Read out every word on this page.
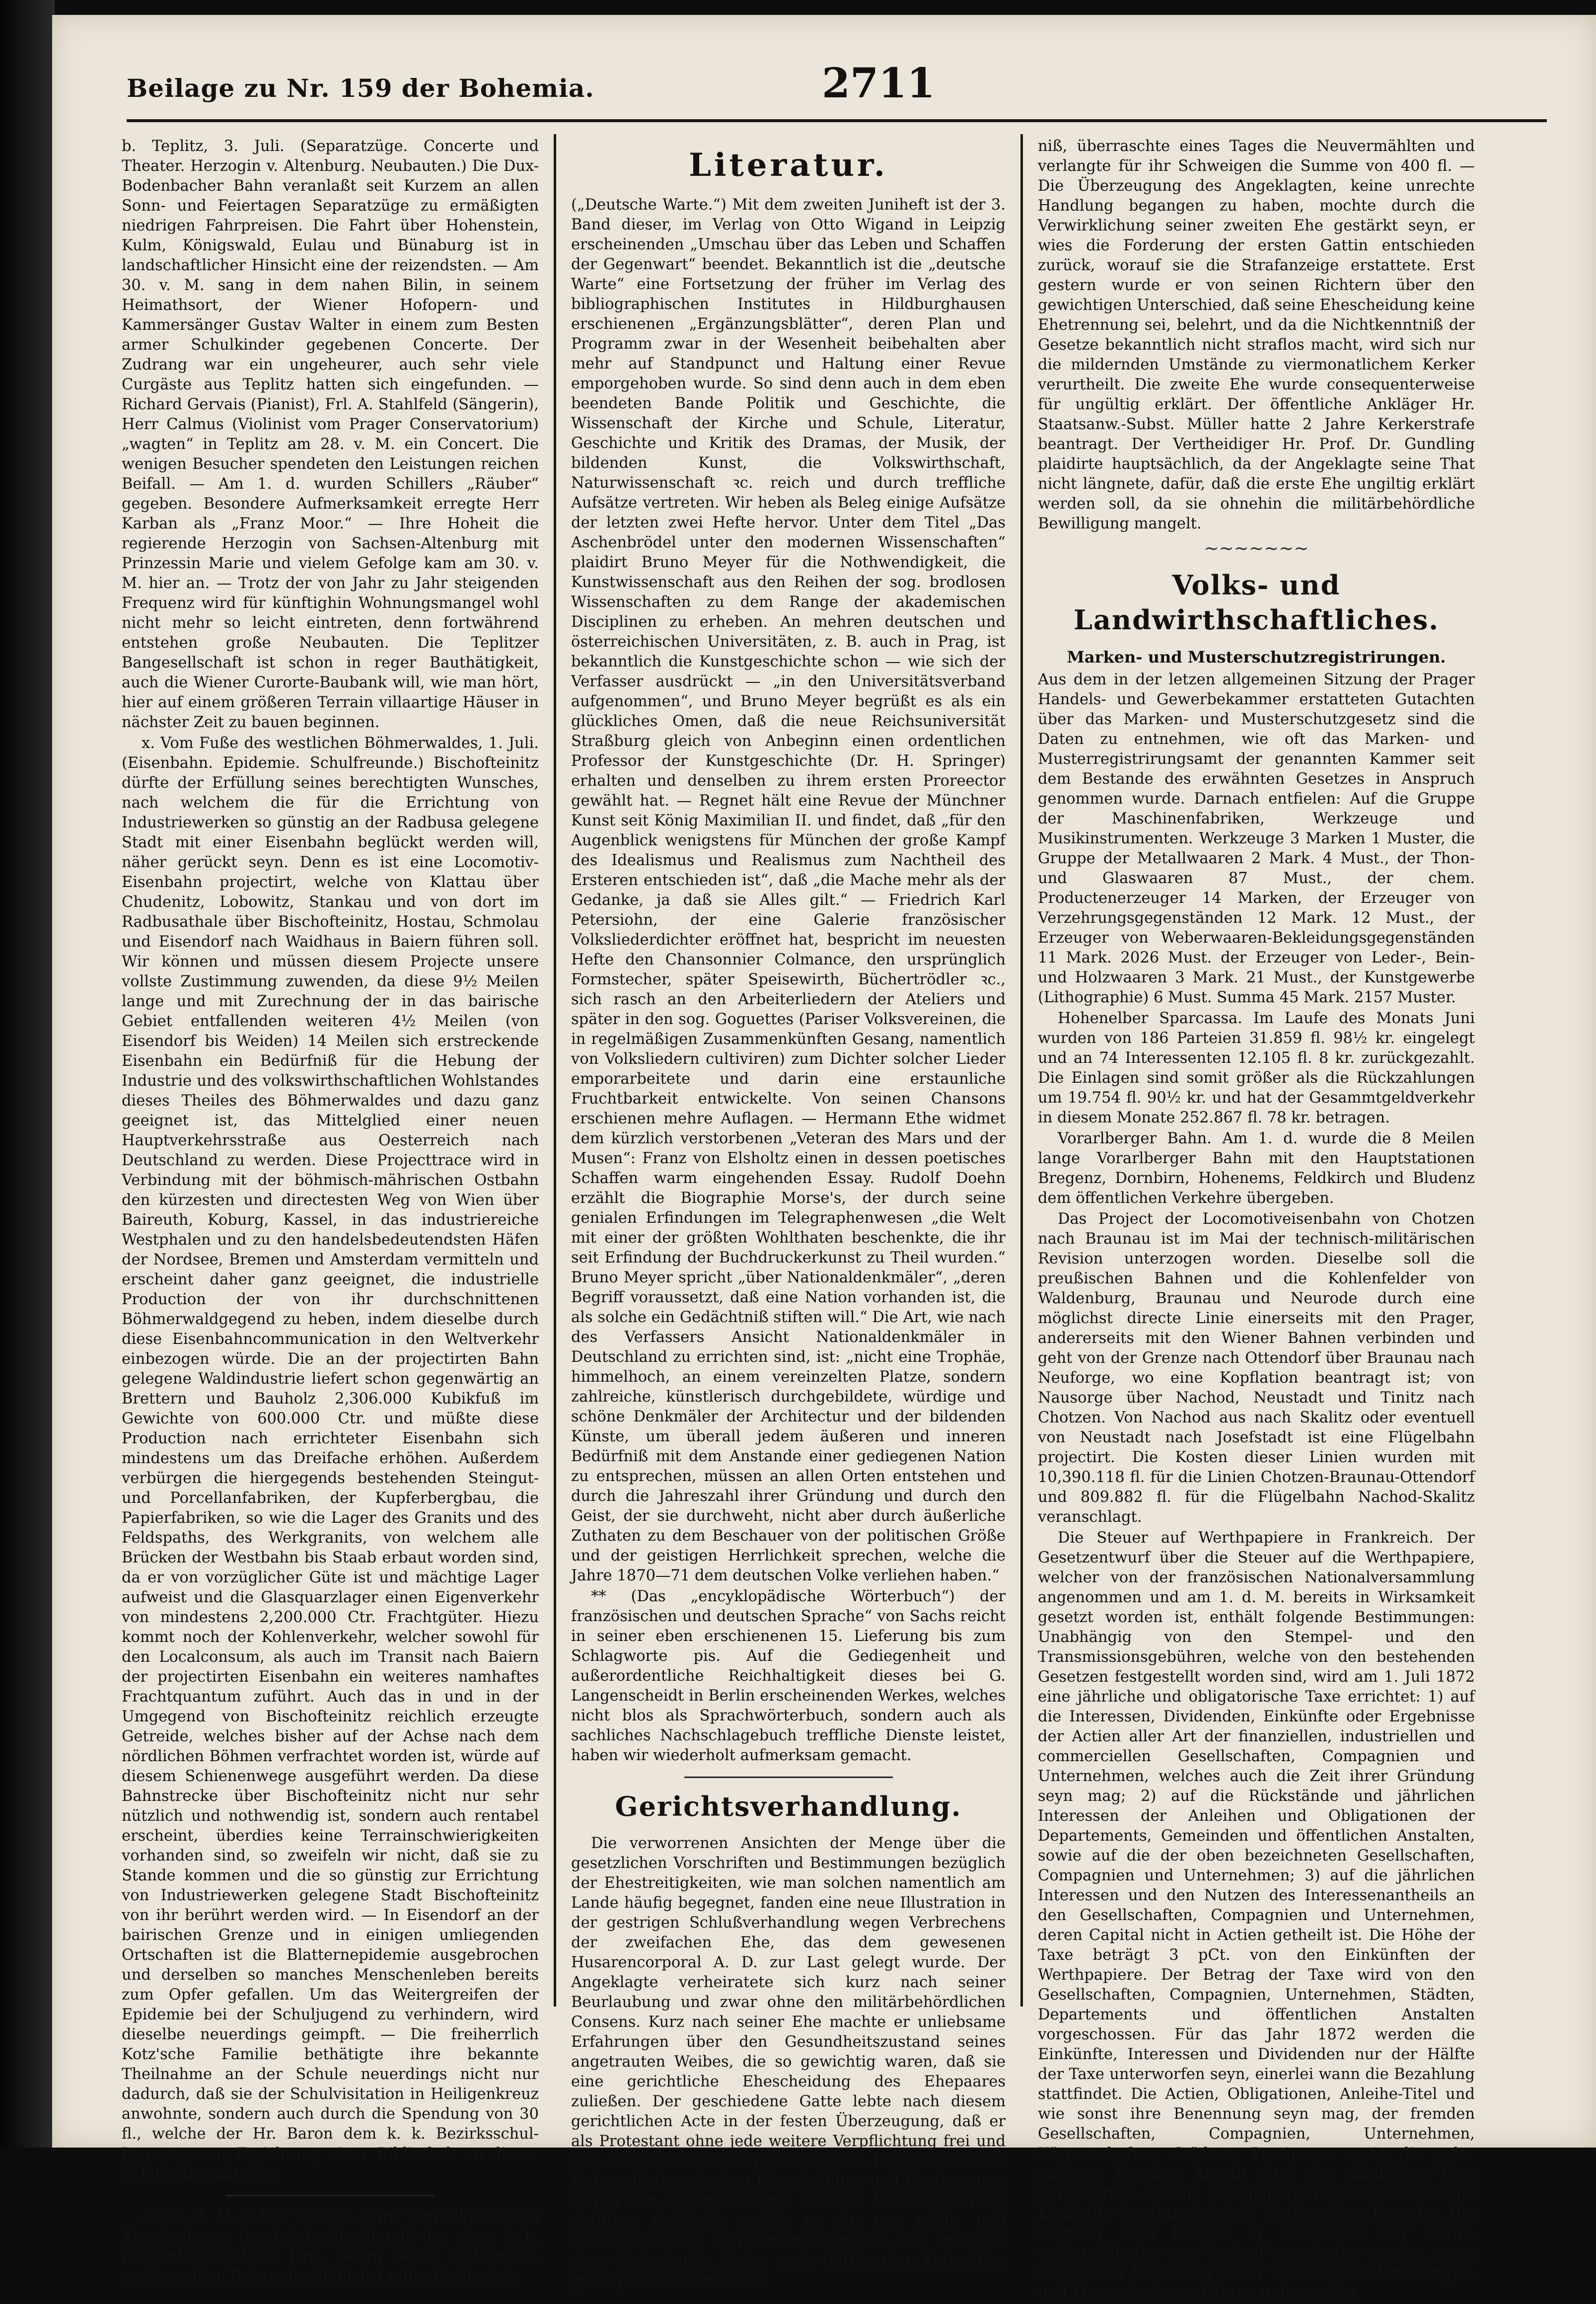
Beilage zu Nr. 159 der Bohemia.	2711

b. Teplitz, 3. Juli. (Separatzüge. Concerte und Theater. Herzogin v. Altenburg. Neubauten.) Die Dux-Bodenbacher Bahn veranlaßt seit Kurzem an allen Sonn- und Feiertagen Separatzüge zu ermäßigten niedrigen Fahrpreisen. Die Fahrt über Hohenstein, Kulm, Königswald, Eulau und Bünaburg ist in landschaftlicher Hinsicht eine der reizendsten. — Am 30. v. M. sang in dem nahen Bilin, in seinem Heimathsort, der Wiener Hofopern- und Kammersänger Gustav Walter in einem zum Besten armer Schulkinder gegebenen Concerte. Der Zudrang war ein ungeheurer, auch sehr viele Curgäste aus Teplitz hatten sich eingefunden. — Richard Gervais (Pianist), Frl. A. Stahlfeld (Sängerin), Herr Calmus (Violinist vom Prager Conservatorium) „wagten“ in Teplitz am 28. v. M. ein Concert. Die wenigen Besucher spendeten den Leistungen reichen Beifall. — Am 1. d. wurden Schillers „Räuber“ gegeben. Besondere Aufmerksamkeit erregte Herr Karban als „Franz Moor.“ — Ihre Hoheit die regierende Herzogin von Sachsen-Altenburg mit Prinzessin Marie und vielem Gefolge kam am 30. v. M. hier an. — Trotz der von Jahr zu Jahr steigenden Frequenz wird für künftighin Wohnungsmangel wohl nicht mehr so leicht eintreten, denn fortwährend entstehen große Neubauten. Die Teplitzer Bangesellschaft ist schon in reger Bauthätigkeit, auch die Wiener Curorte-Baubank will, wie man hört, hier auf einem größeren Terrain villaartige Häuser in nächster Zeit zu bauen beginnen.

x. Vom Fuße des westlichen Böhmerwaldes, 1. Juli. (Eisenbahn. Epidemie. Schulfreunde.) Bischofteinitz dürfte der Erfüllung seines berechtigten Wunsches, nach welchem die für die Errichtung von Industriewerken so günstig an der Radbusa gelegene Stadt mit einer Eisenbahn beglückt werden will, näher gerückt seyn. Denn es ist eine Locomotiv-Eisenbahn projectirt, welche von Klattau über Chudenitz, Lobowitz, Stankau und von dort im Radbusathale über Bischofteinitz, Hostau, Schmolau und Eisendorf nach Waidhaus in Baiern führen soll. Wir können und müssen diesem Projecte unsere vollste Zustimmung zuwenden, da diese 9½ Meilen lange und mit Zurechnung der in das bairische Gebiet entfallenden weiteren 4½ Meilen (von Eisendorf bis Weiden) 14 Meilen sich erstreckende Eisenbahn ein Bedürfniß für die Hebung der Industrie und des volkswirthschaftlichen Wohlstandes dieses Theiles des Böhmerwaldes und dazu ganz geeignet ist, das Mittelglied einer neuen Hauptverkehrsstraße aus Oesterreich nach Deutschland zu werden. Diese Projecttrace wird in Verbindung mit der böhmisch-mährischen Ostbahn den kürzesten und directesten Weg von Wien über Baireuth, Koburg, Kassel, in das industriereiche Westphalen und zu den handelsbedeutendsten Häfen der Nordsee, Bremen und Amsterdam vermitteln und erscheint daher ganz geeignet, die industrielle Production der von ihr durchschnittenen Böhmerwaldgegend zu heben, indem dieselbe durch diese Eisenbahncommunication in den Weltverkehr einbezogen würde. Die an der projectirten Bahn gelegene Waldindustrie liefert schon gegenwärtig an Brettern und Bauholz 2,306.000 Kubikfuß im Gewichte von 600.000 Ctr. und müßte diese Production nach errichteter Eisenbahn sich mindestens um das Dreifache erhöhen. Außerdem verbürgen die hiergegends bestehenden Steingut- und Porcellanfabriken, der Kupferbergbau, die Papierfabriken, so wie die Lager des Granits und des Feldspaths, des Werkgranits, von welchem alle Brücken der Westbahn bis Staab erbaut worden sind, da er von vorzüglicher Güte ist und mächtige Lager aufweist und die Glasquarzlager einen Eigenverkehr von mindestens 2,200.000 Ctr. Frachtgüter. Hiezu kommt noch der Kohlenverkehr, welcher sowohl für den Localconsum, als auch im Transit nach Baiern der projectirten Eisenbahn ein weiteres namhaftes Frachtquantum zuführt. Auch das in und in der Umgegend von Bischofteinitz reichlich erzeugte Getreide, welches bisher auf der Achse nach dem nördlichen Böhmen verfrachtet worden ist, würde auf diesem Schienenwege ausgeführt werden. Da diese Bahnstrecke über Bischofteinitz nicht nur sehr nützlich und nothwendig ist, sondern auch rentabel erscheint, überdies keine Terrainschwierigkeiten vorhanden sind, so zweifeln wir nicht, daß sie zu Stande kommen und die so günstig zur Errichtung von Industriewerken gelegene Stadt Bischofteinitz von ihr berührt werden wird. — In Eisendorf an der bairischen Grenze und in einigen umliegenden Ortschaften ist die Blatternepidemie ausgebrochen und derselben so manches Menschenleben bereits zum Opfer gefallen. Um das Weitergreifen der Epidemie bei der Schuljugend zu verhindern, wird dieselbe neuerdings geimpft. — Die freiherrlich Kotz'sche Familie bethätigte ihre bekannte Theilnahme an der Schule neuerdings nicht nur dadurch, daß sie der Schulvisitation in Heiligenkreuz anwohnte, sondern auch durch die Spendung von 30 fl., welche der Hr. Baron dem k. k. Bezirksschul-Inspector zur Errichtung einer Bibliothek an dieser Schule übermittelte.

Am 5. d. M. 6 Uhr Abends, wird vom allgemeinen Krankenhause das Leichenbegängniß des pens. k. k. Postamtskontrollors Hrn. Georg Selch stattfinden, welches allen Bekannten höflichst mitgetheilt wird.

Literatur.

(„Deutsche Warte.“) Mit dem zweiten Juniheft ist der 3. Band dieser, im Verlag von Otto Wigand in Leipzig erscheinenden „Umschau über das Leben und Schaffen der Gegenwart“ beendet. Bekanntlich ist die „deutsche Warte“ eine Fortsetzung der früher im Verlag des bibliographischen Institutes in Hildburghausen erschienenen „Ergänzungsblätter“, deren Plan und Programm zwar in der Wesenheit beibehalten aber mehr auf Standpunct und Haltung einer Revue emporgehoben wurde. So sind denn auch in dem eben beendeten Bande Politik und Geschichte, die Wissenschaft der Kirche und Schule, Literatur, Geschichte und Kritik des Dramas, der Musik, der bildenden Kunst, die Volkswirthschaft, Naturwissenschaft ꝛc. reich und durch treffliche Aufsätze vertreten. Wir heben als Beleg einige Aufsätze der letzten zwei Hefte hervor. Unter dem Titel „Das Aschenbrödel unter den modernen Wissenschaften“ plaidirt Bruno Meyer für die Nothwendigkeit, die Kunstwissenschaft aus den Reihen der sog. brodlosen Wissenschaften zu dem Range der akademischen Disciplinen zu erheben. An mehren deutschen und österreichischen Universitäten, z. B. auch in Prag, ist bekanntlich die Kunstgeschichte schon — wie sich der Verfasser ausdrückt — „in den Universitätsverband aufgenommen“, und Bruno Meyer begrüßt es als ein glückliches Omen, daß die neue Reichsuniversität Straßburg gleich von Anbeginn einen ordentlichen Professor der Kunstgeschichte (Dr. H. Springer) erhalten und denselben zu ihrem ersten Proreector gewählt hat. — Regnet hält eine Revue der Münchner Kunst seit König Maximilian II. und findet, daß „für den Augenblick wenigstens für München der große Kampf des Idealismus und Realismus zum Nachtheil des Ersteren entschieden ist“, daß „die Mache mehr als der Gedanke, ja daß sie Alles gilt.“ — Friedrich Karl Petersiohn, der eine Galerie französischer Volksliederdichter eröffnet hat, bespricht im neuesten Hefte den Chansonnier Colmance, den ursprünglich Formstecher, später Speisewirth, Büchertrödler ꝛc., sich rasch an den Arbeiterliedern der Ateliers und später in den sog. Goguettes (Pariser Volksvereinen, die in regelmäßigen Zusammenkünften Gesang, namentlich von Volksliedern cultiviren) zum Dichter solcher Lieder emporarbeitete und darin eine erstaunliche Fruchtbarkeit entwickelte. Von seinen Chansons erschienen mehre Auflagen. — Hermann Ethe widmet dem kürzlich verstorbenen „Veteran des Mars und der Musen“: Franz von Elsholtz einen in dessen poetisches Schaffen warm eingehenden Essay. Rudolf Doehn erzählt die Biographie Morse's, der durch seine genialen Erfindungen im Telegraphenwesen „die Welt mit einer der größten Wohlthaten beschenkte, die ihr seit Erfindung der Buchdruckerkunst zu Theil wurden.“ Bruno Meyer spricht „über Nationaldenkmäler“, „deren Begriff voraussetzt, daß eine Nation vorhanden ist, die als solche ein Gedächtniß stiften will.“ Die Art, wie nach des Verfassers Ansicht Nationaldenkmäler in Deutschland zu errichten sind, ist: „nicht eine Trophäe, himmelhoch, an einem vereinzelten Platze, sondern zahlreiche, künstlerisch durchgebildete, würdige und schöne Denkmäler der Architectur und der bildenden Künste, um überall jedem äußeren und inneren Bedürfniß mit dem Anstande einer gediegenen Nation zu entsprechen, müssen an allen Orten entstehen und durch die Jahreszahl ihrer Gründung und durch den Geist, der sie durchweht, nicht aber durch äußerliche Zuthaten zu dem Beschauer von der politischen Größe und der geistigen Herrlichkeit sprechen, welche die Jahre 1870—71 dem deutschen Volke verliehen haben.“

** (Das „encyklopädische Wörterbuch“) der französischen und deutschen Sprache“ von Sachs reicht in seiner eben erschienenen 15. Lieferung bis zum Schlagworte pis. Auf die Gediegenheit und außerordentliche Reichhaltigkeit dieses bei G. Langenscheidt in Berlin erscheinenden Werkes, welches nicht blos als Sprachwörterbuch, sondern auch als sachliches Nachschlagebuch treffliche Dienste leistet, haben wir wiederholt aufmerksam gemacht.

Gerichtsverhandlung.

Die verworrenen Ansichten der Menge über die gesetzlichen Vorschriften und Bestimmungen bezüglich der Ehestreitigkeiten, wie man solchen namentlich am Lande häufig begegnet, fanden eine neue Illustration in der gestrigen Schlußverhandlung wegen Verbrechens der zweifachen Ehe, das dem gewesenen Husarencorporal A. D. zur Last gelegt wurde. Der Angeklagte verheiratete sich kurz nach seiner Beurlaubung und zwar ohne den militärbehördlichen Consens. Kurz nach seiner Ehe machte er unliebsame Erfahrungen über den Gesundheitszustand seines angetrauten Weibes, die so gewichtig waren, daß sie eine gerichtliche Ehescheidung des Ehepaares zuließen. Der geschiedene Gatte lebte nach diesem gerichtlichen Acte in der festen Überzeugung, daß er als Protestant ohne jede weitere Verpflichtung frei und nun eine andere Ehe eingehen könne. Die bedeutenden Unterschiede zwischen Ehescheidung und Ehetrennung waren ihm vollends fremd. Er fand keine Belehrung darüber, vielleicht suchte er sie gar nicht, und verehelichte sich nun zum zweitenmale, und zwar mit einer Protestantin. Seine erste Gattin, eine Katholikin, gelangte hievon in Kennt-

niß, überraschte eines Tages die Neuvermählten und verlangte für ihr Schweigen die Summe von 400 fl. — Die Überzeugung des Angeklagten, keine unrechte Handlung begangen zu haben, mochte durch die Verwirklichung seiner zweiten Ehe gestärkt seyn, er wies die Forderung der ersten Gattin entschieden zurück, worauf sie die Strafanzeige erstattete. Erst gestern wurde er von seinen Richtern über den gewichtigen Unterschied, daß seine Ehescheidung keine Ehetrennung sei, belehrt, und da die Nichtkenntniß der Gesetze bekanntlich nicht straflos macht, wird sich nur die mildernden Umstände zu viermonatlichem Kerker verurtheilt. Die zweite Ehe wurde consequenterweise für ungültig erklärt. Der öffentliche Ankläger Hr. Staatsanw.-Subst. Müller hatte 2 Jahre Kerkerstrafe beantragt. Der Vertheidiger Hr. Prof. Dr. Gundling plaidirte hauptsächlich, da der Angeklagte seine That nicht längnete, dafür, daß die erste Ehe ungiltig erklärt werden soll, da sie ohnehin die militärbehördliche Bewilligung mangelt.

~~~~~~~
Volks- und Landwirthschaftliches.
Marken- und Musterschutzregistrirungen.

Aus dem in der letzen allgemeinen Sitzung der Prager Handels- und Gewerbekammer erstatteten Gutachten über das Marken- und Musterschutzgesetz sind die Daten zu entnehmen, wie oft das Marken- und Musterregistrirungsamt der genannten Kammer seit dem Bestande des erwähnten Gesetzes in Anspruch genommen wurde. Darnach entfielen: Auf die Gruppe der Maschinenfabriken, Werkzeuge und Musikinstrumenten. Werkzeuge 3 Marken 1 Muster, die Gruppe der Metallwaaren 2 Mark. 4 Must., der Thon- und Glaswaaren 87 Must., der chem. Productenerzeuger 14 Marken, der Erzeuger von Verzehrungsgegenständen 12 Mark. 12 Must., der Erzeuger von Weberwaaren-Bekleidungsgegenständen 11 Mark. 2026 Must. der Erzeuger von Leder-, Bein- und Holzwaaren 3 Mark. 21 Must., der Kunstgewerbe (Lithographie) 6 Must. Summa 45 Mark. 2157 Muster.

Hohenelber Sparcassa. Im Laufe des Monats Juni wurden von 186 Parteien 31.859 fl. 98½ kr. eingelegt und an 74 Interessenten 12.105 fl. 8 kr. zurückgezahlt. Die Einlagen sind somit größer als die Rückzahlungen um 19.754 fl. 90½ kr. und hat der Gesammtgeldverkehr in diesem Monate 252.867 fl. 78 kr. betragen.

Vorarlberger Bahn. Am 1. d. wurde die 8 Meilen lange Vorarlberger Bahn mit den Hauptstationen Bregenz, Dornbirn, Hohenems, Feldkirch und Bludenz dem öffentlichen Verkehre übergeben.

Das Project der Locomotiveisenbahn von Chotzen nach Braunau ist im Mai der technisch-militärischen Revision unterzogen worden. Dieselbe soll die preußischen Bahnen und die Kohlenfelder von Waldenburg, Braunau und Neurode durch eine möglichst directe Linie einerseits mit den Prager, andererseits mit den Wiener Bahnen verbinden und geht von der Grenze nach Ottendorf über Braunau nach Neuforge, wo eine Kopflation beantragt ist; von Nausorge über Nachod, Neustadt und Tinitz nach Chotzen. Von Nachod aus nach Skalitz oder eventuell von Neustadt nach Josefstadt ist eine Flügelbahn projectirt. Die Kosten dieser Linien wurden mit 10,390.118 fl. für die Linien Chotzen-Braunau-Ottendorf und 809.882 fl. für die Flügelbahn Nachod-Skalitz veranschlagt.

Die Steuer auf Werthpapiere in Frankreich. Der Gesetzentwurf über die Steuer auf die Werthpapiere, welcher von der französischen Nationalversammlung angenommen und am 1. d. M. bereits in Wirksamkeit gesetzt worden ist, enthält folgende Bestimmungen: Unabhängig von den Stempel- und den Transmissionsgebühren, welche von den bestehenden Gesetzen festgestellt worden sind, wird am 1. Juli 1872 eine jährliche und obligatorische Taxe errichtet: 1) auf die Interessen, Dividenden, Einkünfte oder Ergebnisse der Actien aller Art der finanziellen, industriellen und commerciellen Gesellschaften, Compagnien und Unternehmen, welches auch die Zeit ihrer Gründung seyn mag; 2) auf die Rückstände und jährlichen Interessen der Anleihen und Obligationen der Departements, Gemeinden und öffentlichen Anstalten, sowie auf die der oben bezeichneten Gesellschaften, Compagnien und Unternehmen; 3) auf die jährlichen Interessen und den Nutzen des Interessenantheils an den Gesellschaften, Compagnien und Unternehmen, deren Capital nicht in Actien getheilt ist. Die Höhe der Taxe beträgt 3 pCt. von den Einkünften der Werthpapiere. Der Betrag der Taxe wird von den Gesellschaften, Compagnien, Unternehmen, Städten, Departements und öffentlichen Anstalten vorgeschossen. Für das Jahr 1872 werden die Einkünfte, Interessen und Dividenden nur der Hälfte der Taxe unterworfen seyn, einerlei wann die Bezahlung stattfindet. Die Actien, Obligationen, Anleihe-Titel und wie sonst ihre Benennung seyn mag, der fremden Gesellschaften, Compagnien, Unternehmen, Körperschaften, Städten, Provinzen, sowie die jeder anderen fremden Anstalt sind der nämlichen Taxe unterworfen, welche das gegenwärtige Gesetz auf die Einkünfte der französischen Werthpapiere festsetzt. Die fremden Titel können in Frankreich nur notirt, verhandelt oder zum Verkauf ausgeboten werden, wenn sie sich der Bezahlung dieser Taxen, sowie den Stempel- und Transmissionsgebühren unterwerfen.
